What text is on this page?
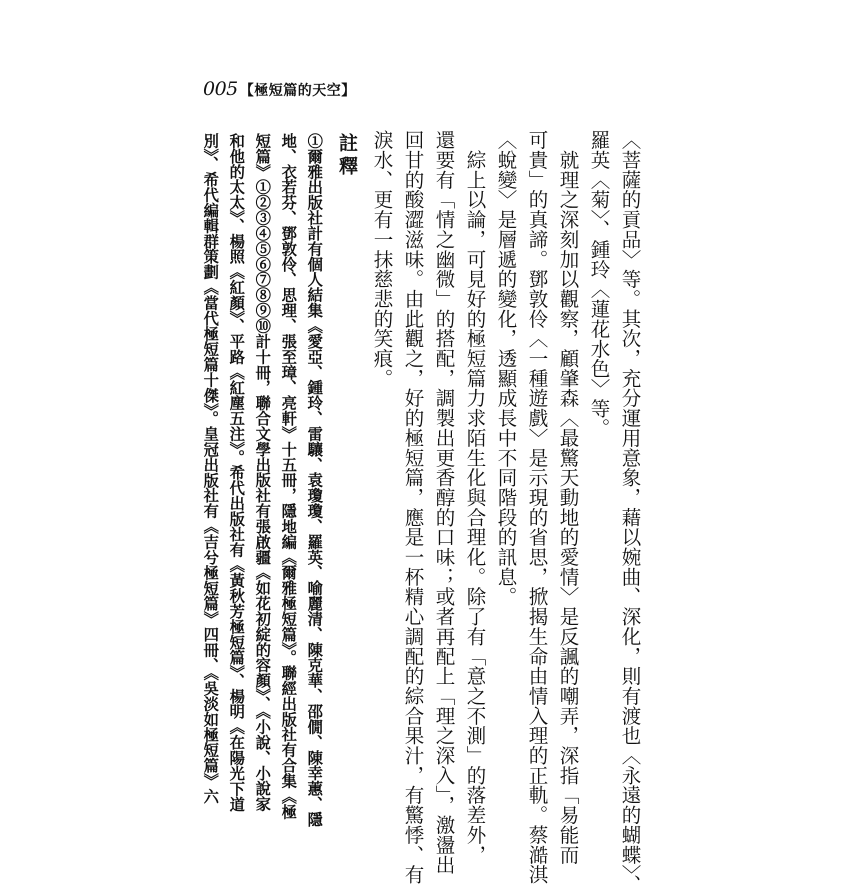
005 【極短篇的天空】
〈菩薩的貢品〉等。其次，充分運用意象，藉以婉曲、深化，則有渡也〈永遠的蝴蝶〉、
羅英〈菊〉、鍾玲〈蓮花水色〉等。
　就理之深刻加以觀察，顧肇森〈最驚天動地的愛情〉是反諷的嘲弄，深指「易能而
可貴」的真諦。鄧敦伶〈一種遊戲〉是示現的省思，掀揭生命由情入理的正軌。蔡澔淇
〈蛻變〉是層遞的變化，透顯成長中不同階段的訊息。
　綜上以論，可見好的極短篇力求陌生化與合理化。除了有「意之不測」的落差外，
還要有「情之幽微」的搭配，調製出更香醇的口味；或者再配上「理之深入」，激盪出
回甘的酸澀滋味。由此觀之，好的極短篇，應是一杯精心調配的綜合果汁，有驚悸、有
淚水、更有一抹慈悲的笑痕。
註釋
①爾雅出版社計有個人結集《愛亞、鍾玲、雷驤、袁瓊瓊、羅英、喻麗清、陳克華、邵僩、陳幸蕙、隱
地、衣若芬、鄧敦伶、思理、張至璋、亮軒》十五冊，隱地編《爾雅極短篇》。聯經出版社有合集《極
短篇》①②③④⑤⑥⑦⑧⑨⑩計十冊，聯合文學出版社有張啟疆《如花初綻的容顏》、《小說、小說家
和他的太太》、楊照《紅顏》、平路《紅塵五注》。希代出版社有《黃秋芳極短篇》、楊明《在陽光下道
別》、希代編輯群策劃《當代極短篇十傑》。皇冠出版社有《吉兮極短篇》四冊、《吳淡如極短篇》六
